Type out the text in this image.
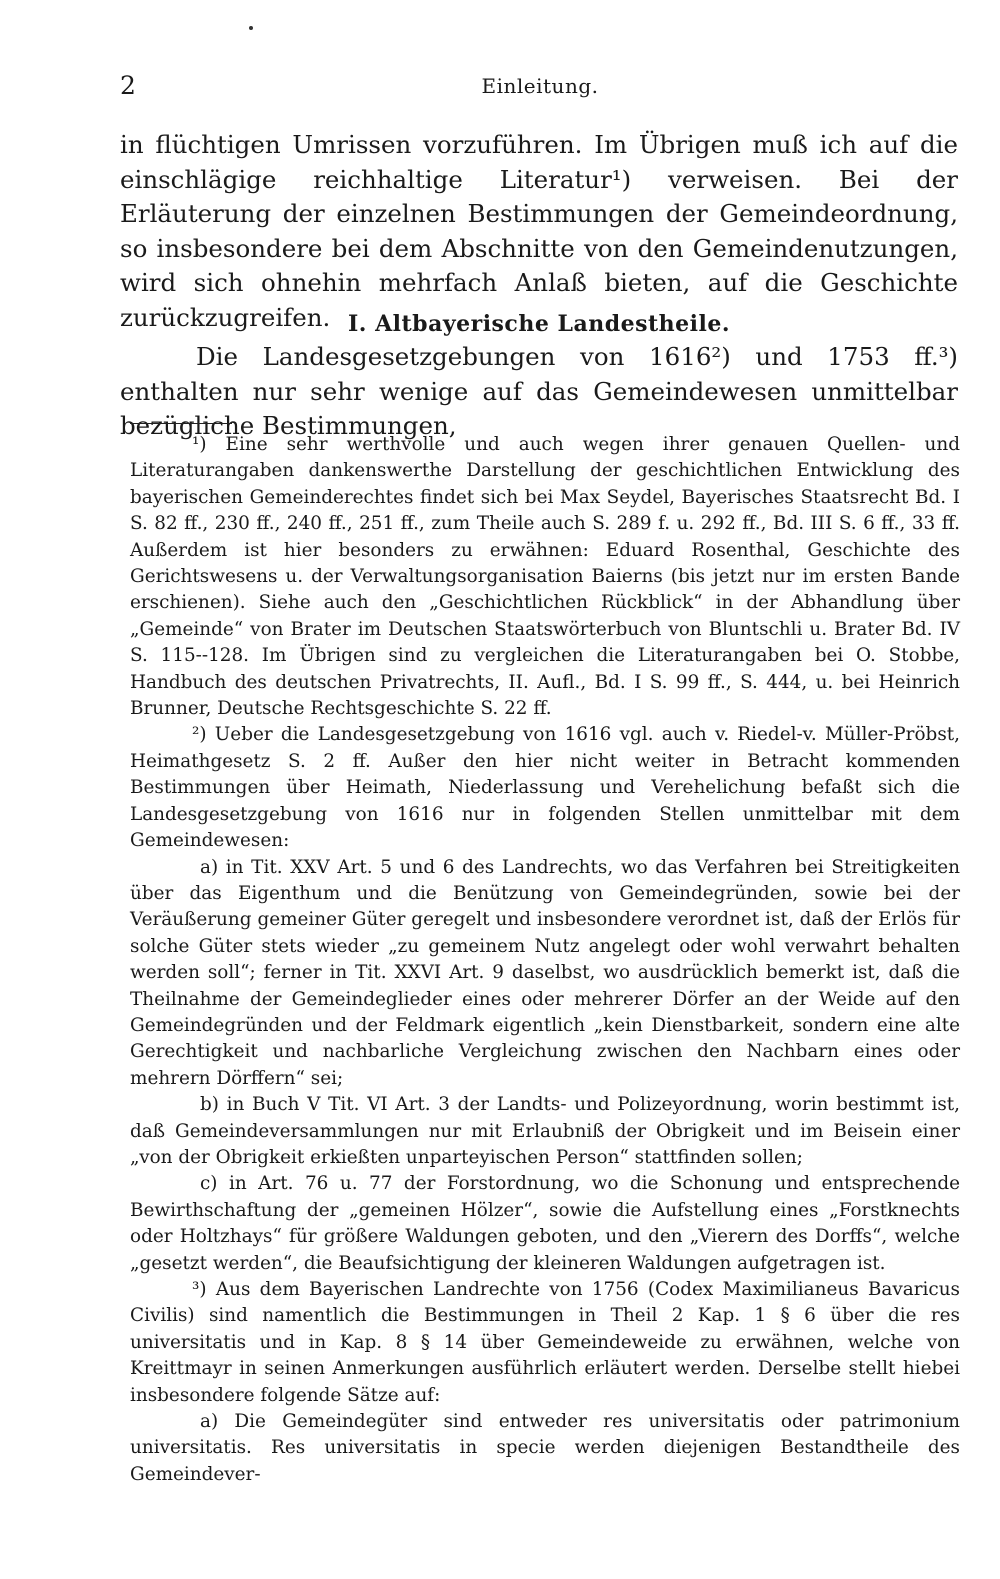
2	Einleitung.

in flüchtigen Umrissen vorzuführen. Im Übrigen muß ich auf die einschlägige reichhaltige Literatur¹) verweisen. Bei der Erläuterung der einzelnen Bestimmungen der Gemeindeordnung, so insbesondere bei dem Abschnitte von den Gemeindenutzungen, wird sich ohnehin mehrfach Anlaß bieten, auf die Geschichte zurückzugreifen. I. Altbayerische Landestheile.

Die Landesgesetzgebungen von 1616²) und 1753 ff.³) enthalten nur sehr wenige auf das Gemeindewesen unmittelbar bezügliche Bestimmungen,

¹) Eine sehr werthvolle und auch wegen ihrer genauen Quellen- und Literaturangaben dankenswerthe Darstellung der geschichtlichen Entwicklung des bayerischen Gemeinderechtes findet sich bei Max Seydel, Bayerisches Staatsrecht Bd. I S. 82 ff., 230 ff., 240 ff., 251 ff., zum Theile auch S. 289 f. u. 292 ff., Bd. III S. 6 ff., 33 ff. Außerdem ist hier besonders zu erwähnen: Eduard Rosenthal, Geschichte des Gerichtswesens u. der Verwaltungsorganisation Baierns (bis jetzt nur im ersten Bande erschienen). Siehe auch den „Geschichtlichen Rückblick“ in der Abhandlung über „Gemeinde“ von Brater im Deutschen Staatswörterbuch von Bluntschli u. Brater Bd. IV S. 115--128. Im Übrigen sind zu vergleichen die Literaturangaben bei O. Stobbe, Handbuch des deutschen Privatrechts, II. Aufl., Bd. I S. 99 ff., S. 444, u. bei Heinrich Brunner, Deutsche Rechtsgeschichte S. 22 ff.

²) Ueber die Landesgesetzgebung von 1616 vgl. auch v. Riedel-v. Müller-Pröbst, Heimathgesetz S. 2 ff. Außer den hier nicht weiter in Betracht kommenden Bestimmungen über Heimath, Niederlassung und Verehelichung befaßt sich die Landesgesetzgebung von 1616 nur in folgenden Stellen unmittelbar mit dem Gemeindewesen:

a) in Tit. XXV Art. 5 und 6 des Landrechts, wo das Verfahren bei Streitigkeiten über das Eigenthum und die Benützung von Gemeindegründen, sowie bei der Veräußerung gemeiner Güter geregelt und insbesondere verordnet ist, daß der Erlös für solche Güter stets wieder „zu gemeinem Nutz angelegt oder wohl verwahrt behalten werden soll“; ferner in Tit. XXVI Art. 9 daselbst, wo ausdrücklich bemerkt ist, daß die Theilnahme der Gemeindeglieder eines oder mehrerer Dörfer an der Weide auf den Gemeindegründen und der Feldmark eigentlich „kein Dienstbarkeit, sondern eine alte Gerechtigkeit und nachbarliche Vergleichung zwischen den Nachbarn eines oder mehrern Dörffern“ sei;

b) in Buch V Tit. VI Art. 3 der Landts- und Polizeyordnung, worin bestimmt ist, daß Gemeindeversammlungen nur mit Erlaubniß der Obrigkeit und im Beisein einer „von der Obrigkeit erkießten unparteyischen Person“ stattfinden sollen;

c) in Art. 76 u. 77 der Forstordnung, wo die Schonung und entsprechende Bewirthschaftung der „gemeinen Hölzer“, sowie die Aufstellung eines „Forstknechts oder Holtzhays“ für größere Waldungen geboten, und den „Vierern des Dorffs“, welche „gesetzt werden“, die Beaufsichtigung der kleineren Waldungen aufgetragen ist.

³) Aus dem Bayerischen Landrechte von 1756 (Codex Maximilianeus Bavaricus Civilis) sind namentlich die Bestimmungen in Theil 2 Kap. 1 § 6 über die res universitatis und in Kap. 8 § 14 über Gemeindeweide zu erwähnen, welche von Kreittmayr in seinen Anmerkungen ausführlich erläutert werden. Derselbe stellt hiebei insbesondere folgende Sätze auf:

a) Die Gemeindegüter sind entweder res universitatis oder patrimonium universitatis. Res universitatis in specie werden diejenigen Bestandtheile des Gemeindever-
